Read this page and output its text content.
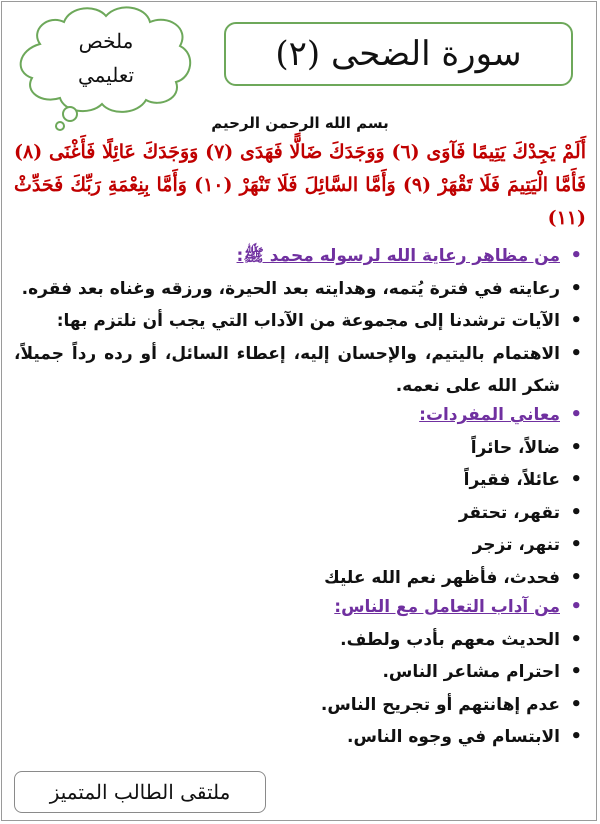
ملخص
تعليمي
سورة الضحى (٢)
بسم الله الرحمن الرحيم
أَلَمْ يَجِدْكَ يَتِيمًا فَآوَى (٦) وَوَجَدَكَ ضَالًّا فَهَدَى (٧) وَوَجَدَكَ عَائِلًا فَأَغْنَى (٨) فَأَمَّا الْيَتِيمَ فَلَا تَقْهَرْ (٩) وَأَمَّا السَّائِلَ فَلَا تَنْهَرْ (١٠) وَأَمَّا بِنِعْمَةِ رَبِّكَ فَحَدِّثْ (١١)
• من مظاهر رعاية الله لرسوله محمد ﷺ:
• رعايته في فترة يُتمه، وهدايته بعد الحيرة، ورزقه وغناه بعد فقره.
• الآيات ترشدنا إلى مجموعة من الآداب التي يجب أن نلتزم بها:
• الاهتمام باليتيم، والإحسان إليه، إعطاء السائل، أو رده رداً جميلاً، شكر الله على نعمه.
• معاني المفردات:
• ضالاً، حائراً
• عائلاً، فقيراً
• تقهر، تحتقر
• تنهر، تزجر
• فحدث، فأظهر نعم الله عليك
• من آداب التعامل مع الناس:
• الحديث معهم بأدب ولطف.
• احترام مشاعر الناس.
• عدم إهانتهم أو تجريح الناس.
• الابتسام في وجوه الناس.
ملتقى الطالب المتميز
